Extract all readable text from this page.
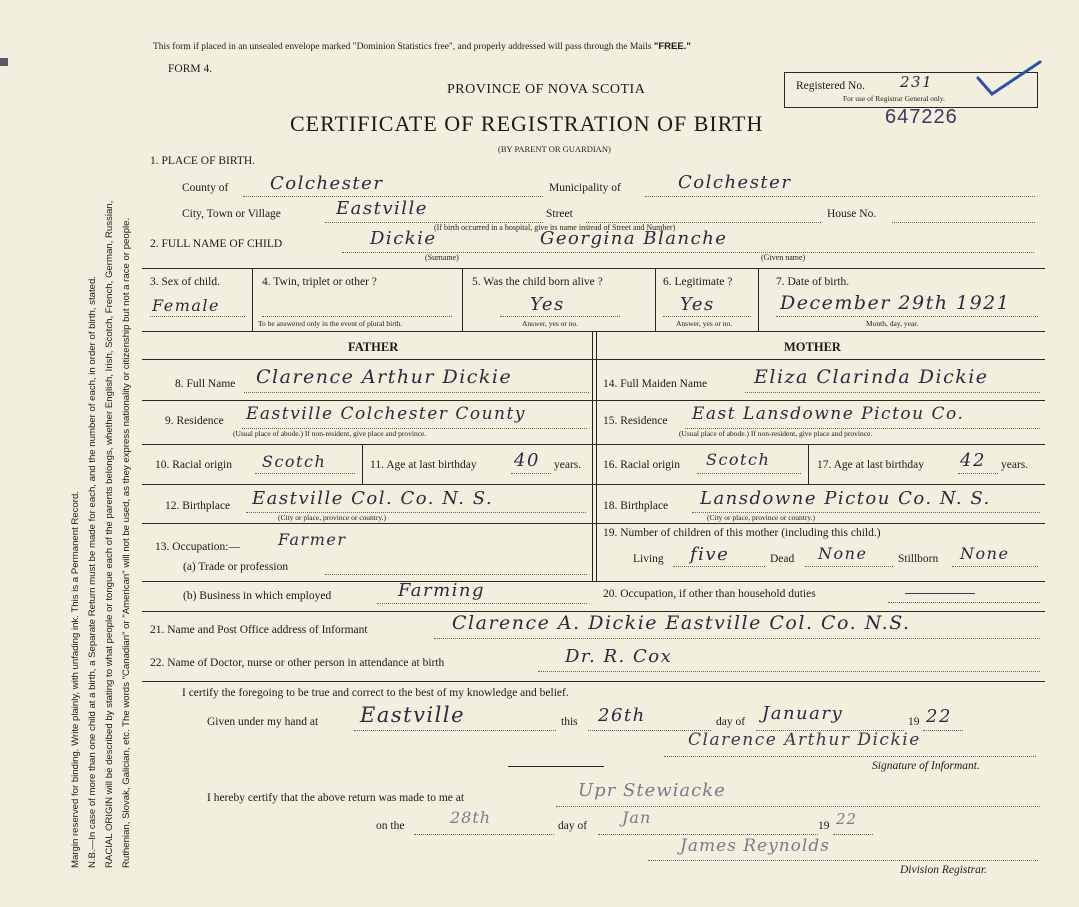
Margin reserved for binding. Write plainly, with unfading ink. This is a Permanent Record. N.B.—In case of more than one child at a birth, a Separate Return must be made for each, and the number of each, in order of birth, stated. RACIAL ORIGIN will be described by stating to what people or tongue each of the parents belongs, whether English, Irish, Scotch, French, German, Russian, Ruthenian, Slovak, Galician, etc. The words "Canadian" or "American" will not be used, as they express nationality or citizenship but not a race or people.
This form if placed in an unsealed envelope marked "Dominion Statistics free", and properly addressed will pass through the Mails "FREE."
FORM 4.
PROVINCE OF NOVA SCOTIA
CERTIFICATE OF REGISTRATION OF BIRTH
(BY PARENT OR GUARDIAN)
647226
Registered No. 231
For use of Registrar General only.
1. PLACE OF BIRTH.
County of Colchester	Municipality of	Colchester
City, Town or Village	Eastville	Street	House No.
(If birth occurred in a hospital, give its name instead of Street and Number)
2. FULL NAME OF CHILD	Dickie	Georgina Blanche
(Surname)	(Given name)
3. Sex of child.
Female
4. Twin, triplet or other ?
To be answered only in the event of plural birth.
5. Was the child born alive ?
Yes
Answer, yes or no.
6. Legitimate ?
Yes
Answer, yes or no.
7. Date of birth.
December 29th 1921
Month, day, year.
FATHER	MOTHER
8. Full Name Clarence Arthur Dickie
9. Residence Eastville Colchester County
(Usual place of abode.) If non-resident, give place and province.
10. Racial origin Scotch	11. Age at last birthday 40 years.
12. Birthplace Eastville Col. Co. N. S.
(City or place, province or country.)
13. Occupation:— Farmer
(a) Trade or profession
(b) Business in which employed	Farming
14. Full Maiden Name Eliza Clarinda Dickie
15. Residence East Lansdowne Pictou Co.
(Usual place of abode.) If non-resident, give place and province.
16. Racial origin Scotch	17. Age at last birthday 42 years.
18. Birthplace Lansdowne Pictou Co. N. S.
(City or place, province or country.)
19. Number of children of this mother (including this child.)
Living five	Dead None	Stillborn None
20. Occupation, if other than household duties
21. Name and Post Office address of Informant	Clarence A. Dickie Eastville Col. Co. N.S.
22. Name of Doctor, nurse or other person in attendance at birth	Dr. R. Cox
I certify the foregoing to be true and correct to the best of my knowledge and belief.
Given under my hand at Eastville	this 26th	day of January	19 22
Clarence Arthur Dickie
Signature of Informant.
I hereby certify that the above return was made to me at	Upr Stewiacke
on the	28th	day of Jan	19 22
James Reynolds
Division Registrar.
